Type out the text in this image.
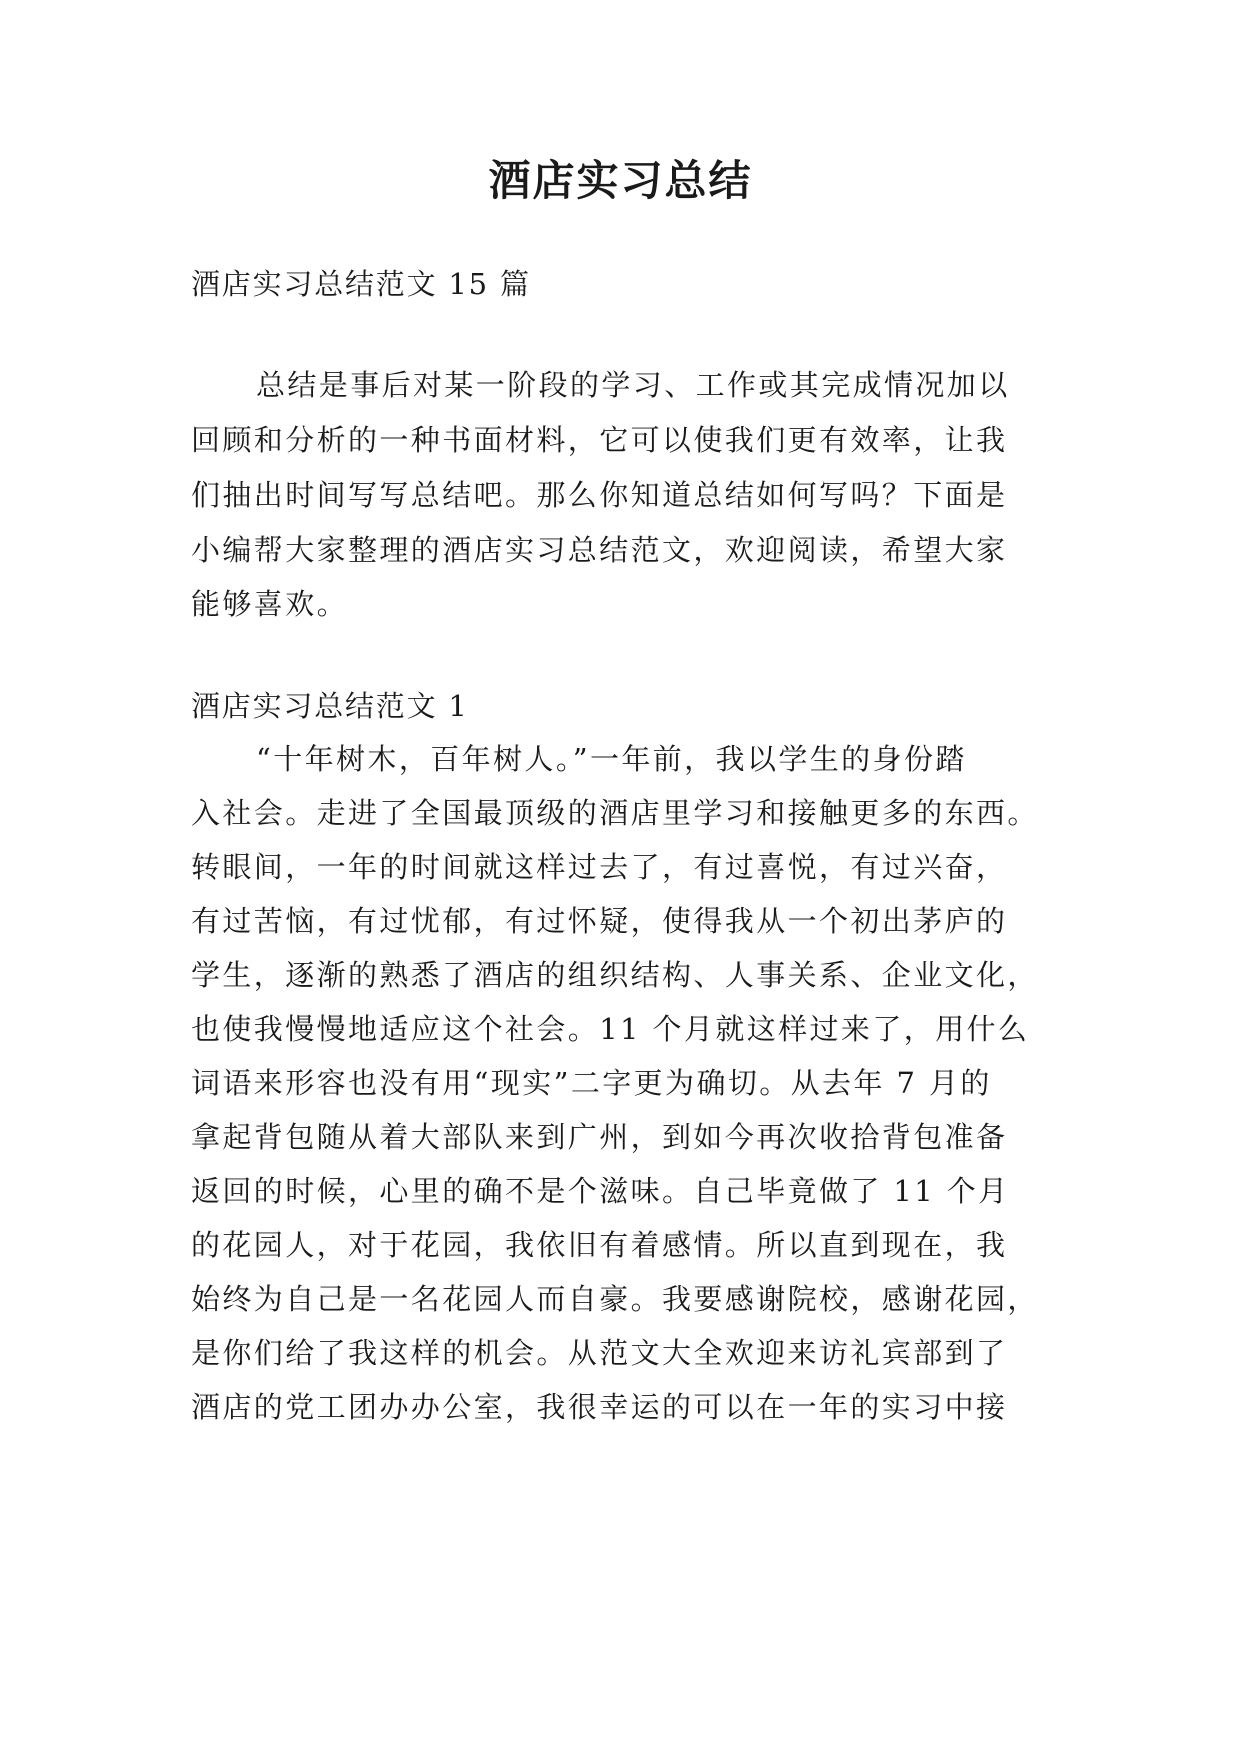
酒店实习总结

酒店实习总结范文 15 篇

总结是事后对某一阶段的学习、工作或其完成情况加以

回顾和分析的一种书面材料，它可以使我们更有效率，让我

们抽出时间写写总结吧。那么你知道总结如何写吗？下面是

小编帮大家整理的酒店实习总结范文，欢迎阅读，希望大家

能够喜欢。

酒店实习总结范文 1

“十年树木，百年树人。”一年前，我以学生的身份踏

入社会。走进了全国最顶级的酒店里学习和接触更多的东西。

转眼间，一年的时间就这样过去了，有过喜悦，有过兴奋，

有过苦恼，有过忧郁，有过怀疑，使得我从一个初出茅庐的

学生，逐渐的熟悉了酒店的组织结构、人事关系、企业文化，

也使我慢慢地适应这个社会。11 个月就这样过来了，用什么

词语来形容也没有用“现实”二字更为确切。从去年 7 月的

拿起背包随从着大部队来到广州，到如今再次收拾背包准备

返回的时候，心里的确不是个滋味。自己毕竟做了 11 个月

的花园人，对于花园，我依旧有着感情。所以直到现在，我

始终为自己是一名花园人而自豪。我要感谢院校，感谢花园，

是你们给了我这样的机会。从范文大全欢迎来访礼宾部到了

酒店的党工团办办公室，我很幸运的可以在一年的实习中接
